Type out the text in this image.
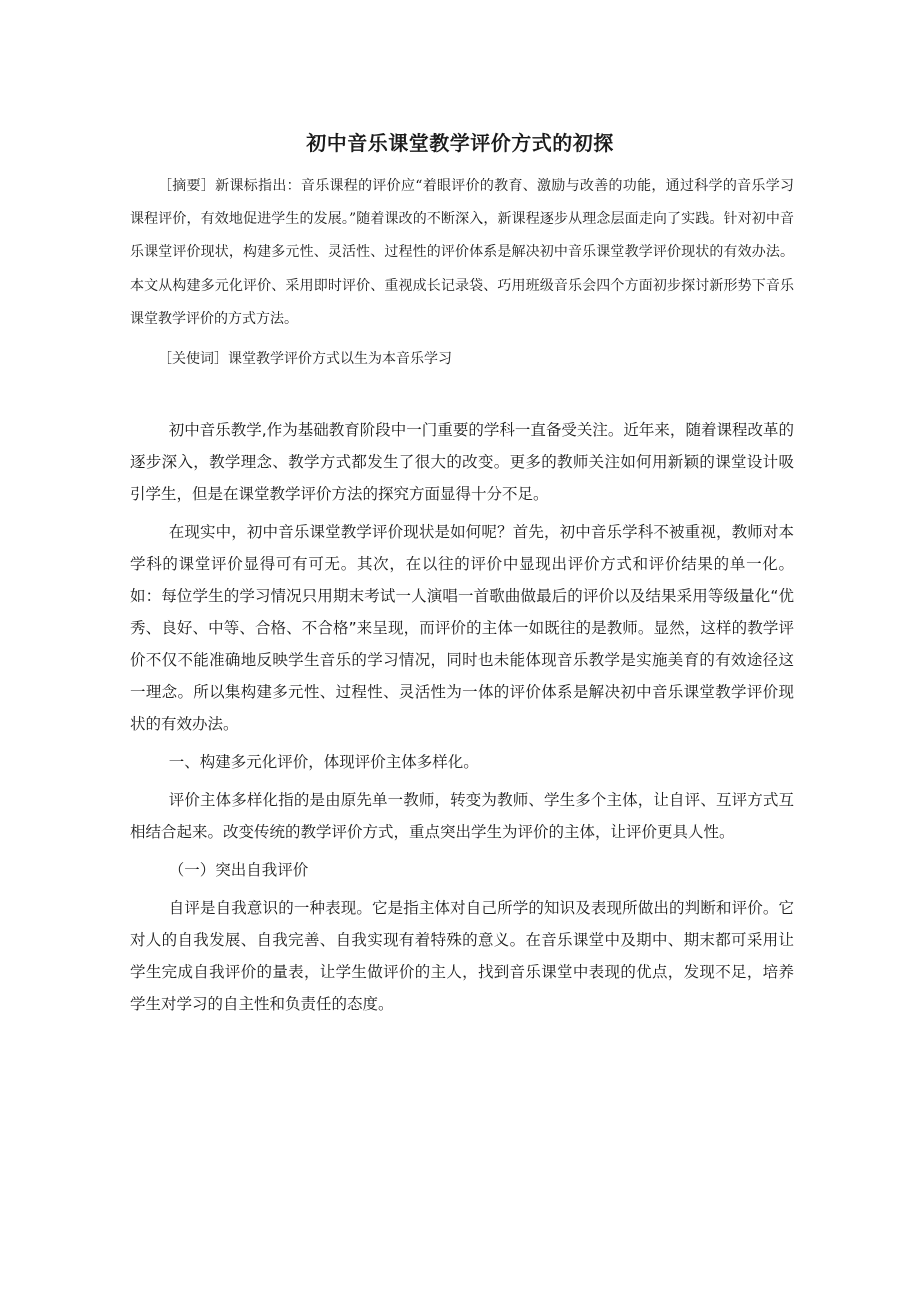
初中音乐课堂教学评价方式的初探

［摘要］新课标指出：音乐课程的评价应“着眼评价的教育、激励与改善的功能，通过科学的音乐学习课程评价，有效地促进学生的发展。”随着课改的不断深入，新课程逐步从理念层面走向了实践。针对初中音乐课堂评价现状，构建多元性、灵活性、过程性的评价体系是解决初中音乐课堂教学评价现状的有效办法。本文从构建多元化评价、采用即时评价、重视成长记录袋、巧用班级音乐会四个方面初步探讨新形势下音乐课堂教学评价的方式方法。

［关使词］课堂教学评价方式以生为本音乐学习

初中音乐教学,作为基础教育阶段中一门重要的学科一直备受关注。近年来，随着课程改革的逐步深入，教学理念、教学方式都发生了很大的改变。更多的教师关注如何用新颖的课堂设计吸引学生，但是在课堂教学评价方法的探究方面显得十分不足。

在现实中，初中音乐课堂教学评价现状是如何呢？首先，初中音乐学科不被重视，教师对本学科的课堂评价显得可有可无。其次，在以往的评价中显现出评价方式和评价结果的单一化。如：每位学生的学习情况只用期末考试一人演唱一首歌曲做最后的评价以及结果采用等级量化“优秀、良好、中等、合格、不合格”来呈现，而评价的主体一如既往的是教师。显然，这样的教学评价不仅不能准确地反映学生音乐的学习情况，同时也未能体现音乐教学是实施美育的有效途径这一理念。所以集构建多元性、过程性、灵活性为一体的评价体系是解决初中音乐课堂教学评价现状的有效办法。

一、构建多元化评价，体现评价主体多样化。

评价主体多样化指的是由原先单一教师，转变为教师、学生多个主体，让自评、互评方式互相结合起来。改变传统的教学评价方式，重点突出学生为评价的主体，让评价更具人性。

（一）突出自我评价

自评是自我意识的一种表现。它是指主体对自己所学的知识及表现所做出的判断和评价。它对人的自我发展、自我完善、自我实现有着特殊的意义。在音乐课堂中及期中、期末都可采用让学生完成自我评价的量表，让学生做评价的主人，找到音乐课堂中表现的优点，发现不足，培养学生对学习的自主性和负责任的态度。
